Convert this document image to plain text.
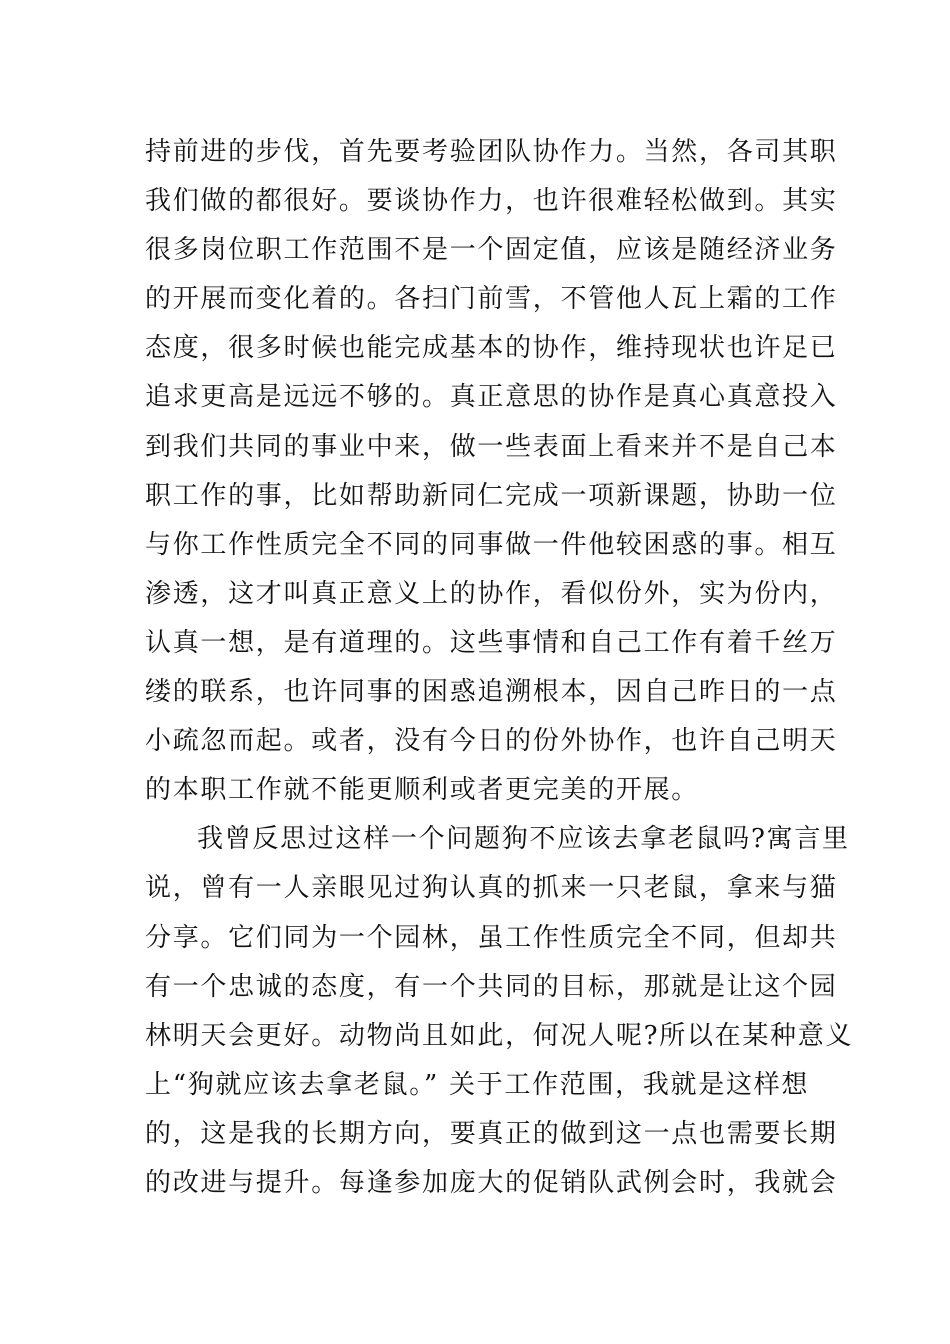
持前进的步伐，首先要考验团队协作力。当然，各司其职
我们做的都很好。要谈协作力，也许很难轻松做到。其实
很多岗位职工作范围不是一个固定值，应该是随经济业务
的开展而变化着的。各扫门前雪，不管他人瓦上霜的工作
态度，很多时候也能完成基本的协作，维持现状也许足已
追求更高是远远不够的。真正意思的协作是真心真意投入
到我们共同的事业中来，做一些表面上看来并不是自己本
职工作的事，比如帮助新同仁完成一项新课题，协助一位
与你工作性质完全不同的同事做一件他较困惑的事。相互
渗透，这才叫真正意义上的协作，看似份外，实为份内，
认真一想，是有道理的。这些事情和自己工作有着千丝万
缕的联系，也许同事的困惑追溯根本，因自己昨日的一点
小疏忽而起。或者，没有今日的份外协作，也许自己明天
的本职工作就不能更顺利或者更完美的开展。
我曾反思过这样一个问题狗不应该去拿老鼠吗?寓言里
说，曾有一人亲眼见过狗认真的抓来一只老鼠，拿来与猫
分享。它们同为一个园林，虽工作性质完全不同，但却共
有一个忠诚的态度，有一个共同的目标，那就是让这个园
林明天会更好。动物尚且如此，何况人呢?所以在某种意义
上“狗就应该去拿老鼠。” 关于工作范围，我就是这样想
的，这是我的长期方向，要真正的做到这一点也需要长期
的改进与提升。每逢参加庞大的促销队武例会时，我就会
